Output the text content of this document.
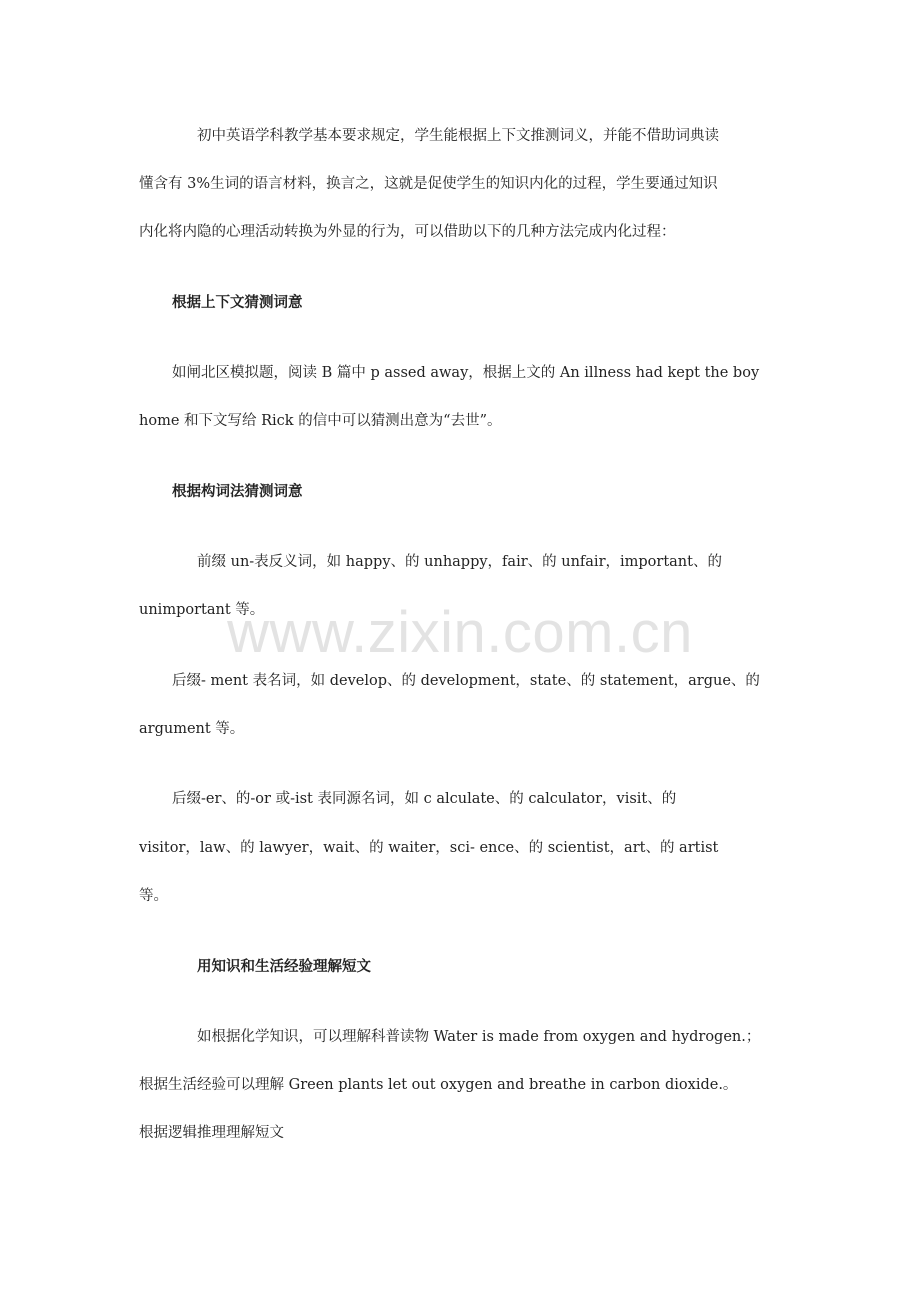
www.zixin.com.cn
初中英语学科教学基本要求规定，学生能根据上下文推测词义，并能不借助词典读
懂含有 3%生词的语言材料，换言之，这就是促使学生的知识内化的过程，学生要通过知识
内化将内隐的心理活动转换为外显的行为，可以借助以下的几种方法完成内化过程：
根据上下文猜测词意
如闸北区模拟题，阅读 B 篇中 p assed away，根据上文的 An illness had kept the boy
home 和下文写给 Rick 的信中可以猜测出意为“去世”。
根据构词法猜测词意
前缀 un-表反义词，如 happy、的 unhappy，fair、的 unfair，important、的
unimportant 等。
后缀- ment 表名词，如 develop、的 development，state、的 statement，argue、的
argument 等。
后缀-er、的-or 或-ist 表同源名词，如 c alculate、的 calculator，visit、的
visitor，law、的 lawyer，wait、的 waiter，sci- ence、的 scientist，art、的 artist
等。
用知识和生活经验理解短文
如根据化学知识，可以理解科普读物 Water is made from oxygen and hydrogen.；
根据生活经验可以理解 Green plants let out oxygen and breathe in carbon dioxide.。
根据逻辑推理理解短文
